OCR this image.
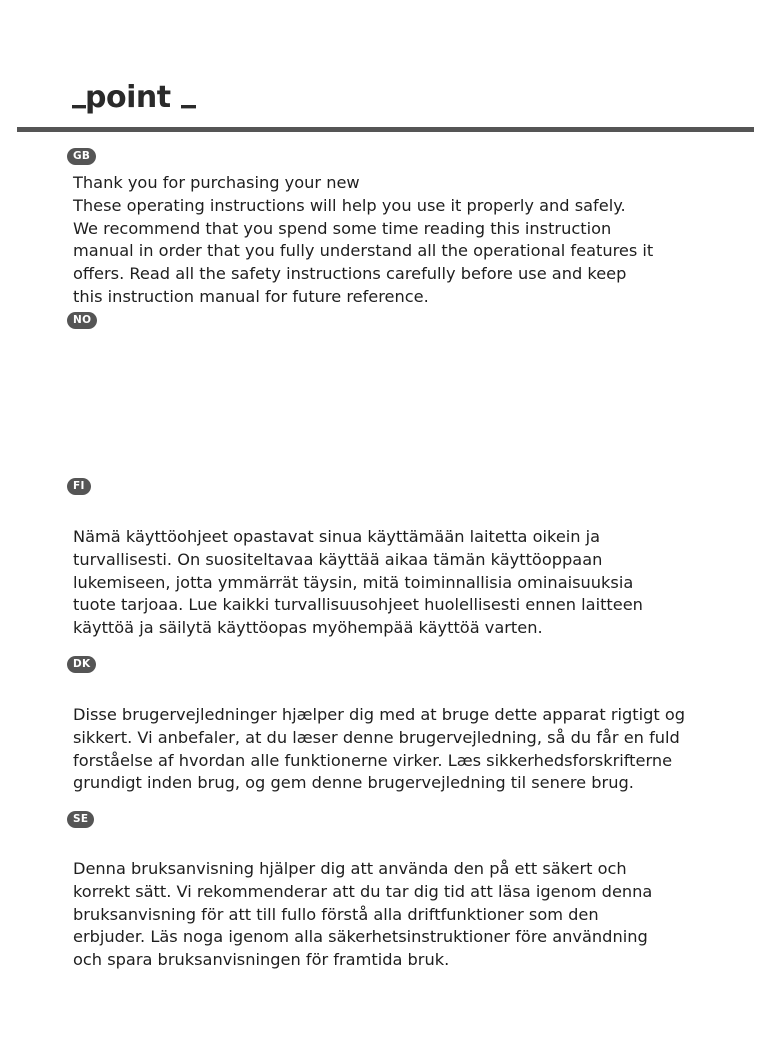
point
GB
Thank you for purchasing your new
These operating instructions will help you use it properly and safely.
We recommend that you spend some time reading this instruction
manual in order that you fully understand all the operational features it
offers. Read all the safety instructions carefully before use and keep
this instruction manual for future reference.
NO
FI
Nämä käyttöohjeet opastavat sinua käyttämään laitetta oikein ja
turvallisesti. On suositeltavaa käyttää aikaa tämän käyttöoppaan
lukemiseen, jotta ymmärrät täysin, mitä toiminnallisia ominaisuuksia
tuote tarjoaa. Lue kaikki turvallisuusohjeet huolellisesti ennen laitteen
käyttöä ja säilytä käyttöopas myöhempää käyttöä varten.
DK
Disse brugervejledninger hjælper dig med at bruge dette apparat rigtigt og
sikkert. Vi anbefaler, at du læser denne brugervejledning, så du får en fuld
forståelse af hvordan alle funktionerne virker. Læs sikkerhedsforskrifterne
grundigt inden brug, og gem denne brugervejledning til senere brug.
SE
Denna bruksanvisning hjälper dig att använda den på ett säkert och
korrekt sätt. Vi rekommenderar att du tar dig tid att läsa igenom denna
bruksanvisning för att till fullo förstå alla driftfunktioner som den
erbjuder. Läs noga igenom alla säkerhetsinstruktioner före användning
och spara bruksanvisningen för framtida bruk.
